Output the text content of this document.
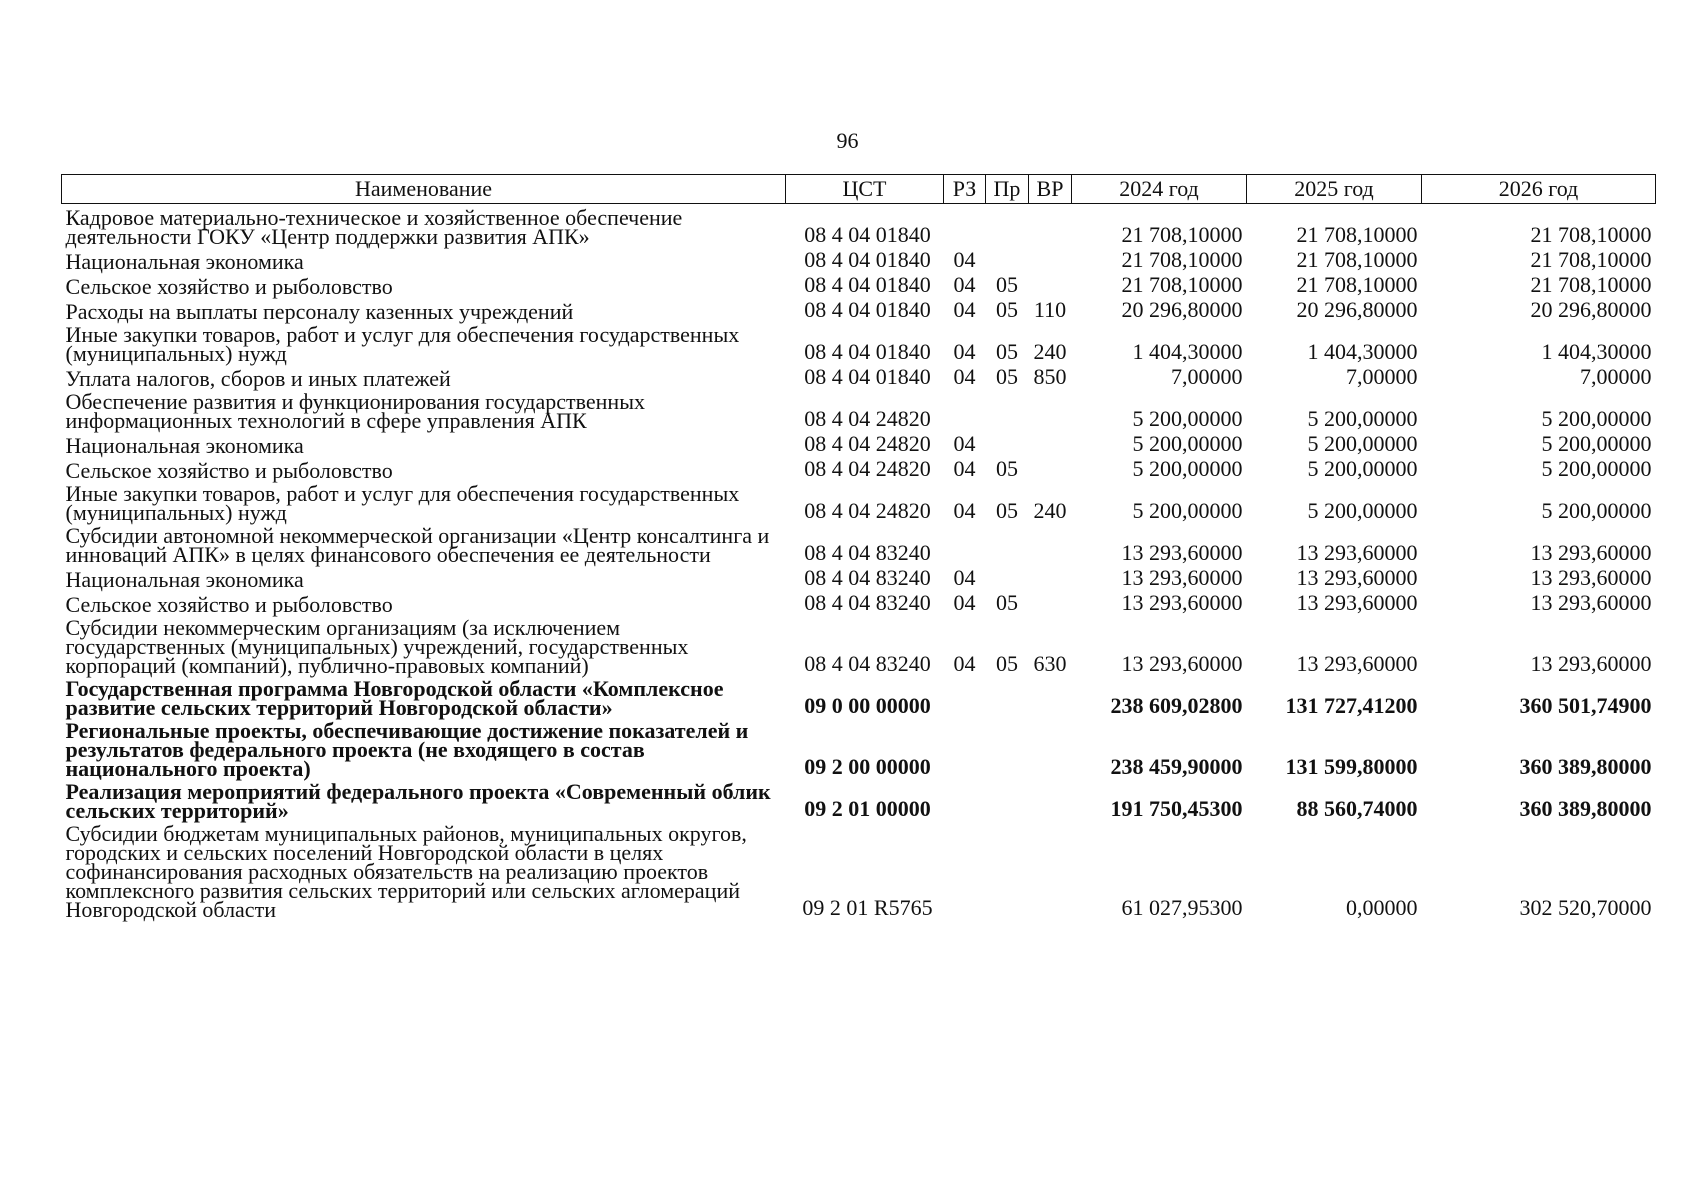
96
Наименование	ЦСТ	РЗ	Пр	ВР	2024 год	2025 год	2026 год
Кадровое материально-техническое и хозяйственное обеспечение деятельности ГОКУ «Центр поддержки развития АПК»	08 4 04 01840				21 708,10000	21 708,10000	21 708,10000
Национальная экономика	08 4 04 01840	04			21 708,10000	21 708,10000	21 708,10000
Сельское хозяйство и рыболовство	08 4 04 01840	04	05		21 708,10000	21 708,10000	21 708,10000
Расходы на выплаты персоналу казенных учреждений	08 4 04 01840	04	05	110	20 296,80000	20 296,80000	20 296,80000
Иные закупки товаров, работ и услуг для обеспечения государственных (муниципальных) нужд	08 4 04 01840	04	05	240	1 404,30000	1 404,30000	1 404,30000
Уплата налогов, сборов и иных платежей	08 4 04 01840	04	05	850	7,00000	7,00000	7,00000
Обеспечение развития и функционирования государственных информационных технологий в сфере управления АПК	08 4 04 24820				5 200,00000	5 200,00000	5 200,00000
Национальная экономика	08 4 04 24820	04			5 200,00000	5 200,00000	5 200,00000
Сельское хозяйство и рыболовство	08 4 04 24820	04	05		5 200,00000	5 200,00000	5 200,00000
Иные закупки товаров, работ и услуг для обеспечения государственных (муниципальных) нужд	08 4 04 24820	04	05	240	5 200,00000	5 200,00000	5 200,00000
Субсидии автономной некоммерческой организации «Центр консалтинга и инноваций АПК» в целях финансового обеспечения ее деятельности	08 4 04 83240				13 293,60000	13 293,60000	13 293,60000
Национальная экономика	08 4 04 83240	04			13 293,60000	13 293,60000	13 293,60000
Сельское хозяйство и рыболовство	08 4 04 83240	04	05		13 293,60000	13 293,60000	13 293,60000
Субсидии некоммерческим организациям (за исключением государственных (муниципальных) учреждений, государственных корпораций (компаний), публично-правовых компаний)	08 4 04 83240	04	05	630	13 293,60000	13 293,60000	13 293,60000
Государственная программа Новгородской области «Комплексное развитие сельских территорий Новгородской области»	09 0 00 00000				238 609,02800	131 727,41200	360 501,74900
Региональные проекты, обеспечивающие достижение показателей и результатов федерального проекта (не входящего в состав национального проекта)	09 2 00 00000				238 459,90000	131 599,80000	360 389,80000
Реализация мероприятий федерального проекта «Современный облик сельских территорий»	09 2 01 00000				191 750,45300	88 560,74000	360 389,80000
Субсидии бюджетам муниципальных районов, муниципальных округов, городских и сельских поселений Новгородской области в целях софинансирования расходных обязательств на реализацию проектов комплексного развития сельских территорий или сельских агломераций Новгородской области	09 2 01 R5765				61 027,95300	0,00000	302 520,70000
